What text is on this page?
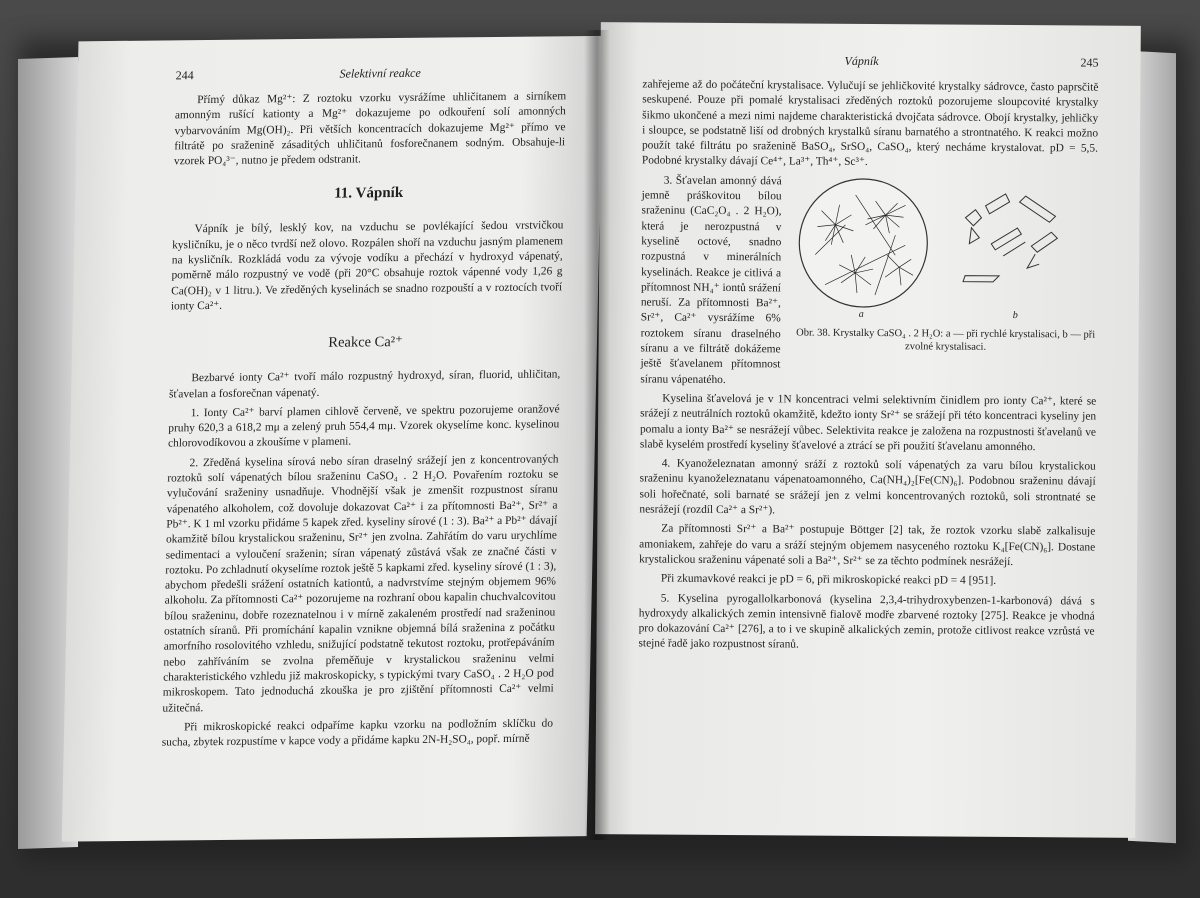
244	Selektivní reakce

Přímý důkaz Mg²⁺: Z roztoku vzorku vysrážíme uhličitanem a sirníkem amonným rušící kationty a Mg²⁺ dokazujeme po odkouření solí amonných vybarvováním Mg(OH)₂. Při větších koncentracích dokazujeme Mg²⁺ přímo ve filtrátě po sraženině zásaditých uhličitanů fosforečnanem sodným. Obsahuje-li vzorek PO₄³⁻, nutno je předem odstranit.

11. Vápník

Vápník je bílý, lesklý kov, na vzduchu se povlékající šedou vrstvičkou kysličníku, je o něco tvrdší než olovo. Rozpálen shoří na vzduchu jasným plamenem na kysličník. Rozkládá vodu za vývoje vodíku a přechází v hydroxyd vápenatý, poměrně málo rozpustný ve vodě (při 20°C obsahuje roztok vápenné vody 1,26 g Ca(OH)₂ v 1 litru.). Ve zředěných kyselinách se snadno rozpouští a v roztocích tvoří ionty Ca²⁺.

Reakce Ca²⁺

Bezbarvé ionty Ca²⁺ tvoří málo rozpustný hydroxyd, síran, fluorid, uhličitan, šťavelan a fosforečnan vápenatý.

1. Ionty Ca²⁺ barví plamen cihlově červeně, ve spektru pozorujeme oranžové pruhy 620,3 a 618,2 mμ a zelený pruh 554,4 mμ. Vzorek okyselíme konc. kyselinou chlorovodíkovou a zkoušíme v plameni.

2. Zředěná kyselina sírová nebo síran draselný srážejí jen z koncentrovaných roztoků solí vápenatých bílou sraženinu CaSO₄ . 2 H₂O. Povařením roztoku se vylučování sraženiny usnadňuje. Vhodnější však je zmenšit rozpustnost síranu vápenatého alkoholem, což dovoluje dokazovat Ca²⁺ i za přítomnosti Ba²⁺, Sr²⁺ a Pb²⁺. K 1 ml vzorku přidáme 5 kapek zřed. kyseliny sírové (1 : 3). Ba²⁺ a Pb²⁺ dávají okamžitě bílou krystalickou sraženinu, Sr²⁺ jen zvolna. Zahřátím do varu urychlíme sedimentaci a vyloučení sraženin; síran vápenatý zůstává však ze značné části v roztoku. Po zchladnutí okyselíme roztok ještě 5 kapkami zřed. kyseliny sírové (1 : 3), abychom předešli srážení ostatních kationtů, a nadvrstvíme stejným objemem 96% alkoholu. Za přítomnosti Ca²⁺ pozorujeme na rozhraní obou kapalin chuchvalcovitou bílou sraženinu, dobře rozeznatelnou i v mírně zakaleném prostředí nad sraženinou ostatních síranů. Při promíchání kapalin vznikne objemná bílá sraženina z počátku amorfního rosolovitého vzhledu, snižující podstatně tekutost roztoku, protřepáváním nebo zahříváním se zvolna přeměňuje v krystalickou sraženinu velmi charakteristického vzhledu již makroskopicky, s typickými tvary CaSO₄ . 2 H₂O pod mikroskopem. Tato jednoduchá zkouška je pro zjištění přítomnosti Ca²⁺ velmi užitečná.

Při mikroskopické reakci odpaříme kapku vzorku na podložním sklíčku do sucha, zbytek rozpustíme v kapce vody a přidáme kapku 2N-H₂SO₄, popř. mírně

Vápník	245

zahřejeme až do počáteční krystalisace. Vylučují se jehličkovité krystalky sádrovce, často paprsčitě seskupené. Pouze při pomalé krystalisaci zředěných roztoků pozorujeme sloupcovité krystalky šikmo ukončené a mezi nimi najdeme charakteristická dvojčata sádrovce. Obojí krystalky, jehličky i sloupce, se podstatně liší od drobných krystalků síranu barnatého a strontnatého. K reakci možno použít také filtrátu po sraženině BaSO₄, SrSO₄, CaSO₄, který necháme krystalovat. pD = 5,5. Podobné krystalky dávají Ce⁴⁺, La³⁺, Th⁴⁺, Sc³⁺.

3. Šťavelan amonný dává jemně práškovitou bílou sraženinu (CaC₂O₄ . 2 H₂O), která je nerozpustná v kyselině octové, snadno rozpustná v minerálních kyselinách. Reakce je citlivá a přítomnost NH₄⁺ iontů srážení neruší. Za přítomnosti Ba²⁺, Sr²⁺, Ca²⁺ vysrážíme 6% roztokem síranu draselného síranu a ve filtrátě dokážeme ještě šťavelanem přítomnost síranu vápenatého.

a	b
Obr. 38. Krystalky CaSO₄ . 2 H₂O: a — při rychlé krystalisaci, b — při zvolné krystalisaci.

Kyselina šťavelová je v 1N koncentraci velmi selektivním činidlem pro ionty Ca²⁺, které se srážejí z neutrálních roztoků okamžitě, kdežto ionty Sr²⁺ se srážejí při této koncentraci kyseliny jen pomalu a ionty Ba²⁺ se nesrážejí vůbec. Selektivita reakce je založena na rozpustnosti šťavelanů ve slabě kyselém prostředí kyseliny šťavelové a ztrácí se při použití šťavelanu amonného.

4. Kyanoželeznatan amonný sráží z roztoků solí vápenatých za varu bílou krystalickou sraženinu kyanoželeznatanu vápenatoamonného, Ca(NH₄)₂[Fe(CN)₆]. Podobnou sraženinu dávají soli hořečnaté, soli barnaté se srážejí jen z velmi koncentrovaných roztoků, soli strontnaté se nesrážejí (rozdíl Ca²⁺ a Sr²⁺).

Za přítomnosti Sr²⁺ a Ba²⁺ postupuje Böttger [2] tak, že roztok vzorku slabě zalkalisuje amoniakem, zahřeje do varu a sráží stejným objemem nasyceného roztoku K₄[Fe(CN)₆]. Dostane krystalickou sraženinu vápenaté soli a Ba²⁺, Sr²⁺ se za těchto podmínek nesrážejí.

Při zkumavkové reakci je pD = 6, při mikroskopické reakci pD = 4 [951].

5. Kyselina pyrogallolkarbonová (kyselina 2,3,4-trihydroxybenzen-1-karbonová) dává s hydroxydy alkalických zemin intensivně fialově modře zbarvené roztoky [275]. Reakce je vhodná pro dokazování Ca²⁺ [276], a to i ve skupině alkalických zemin, protože citlivost reakce vzrůstá ve stejné řadě jako rozpustnost síranů.
